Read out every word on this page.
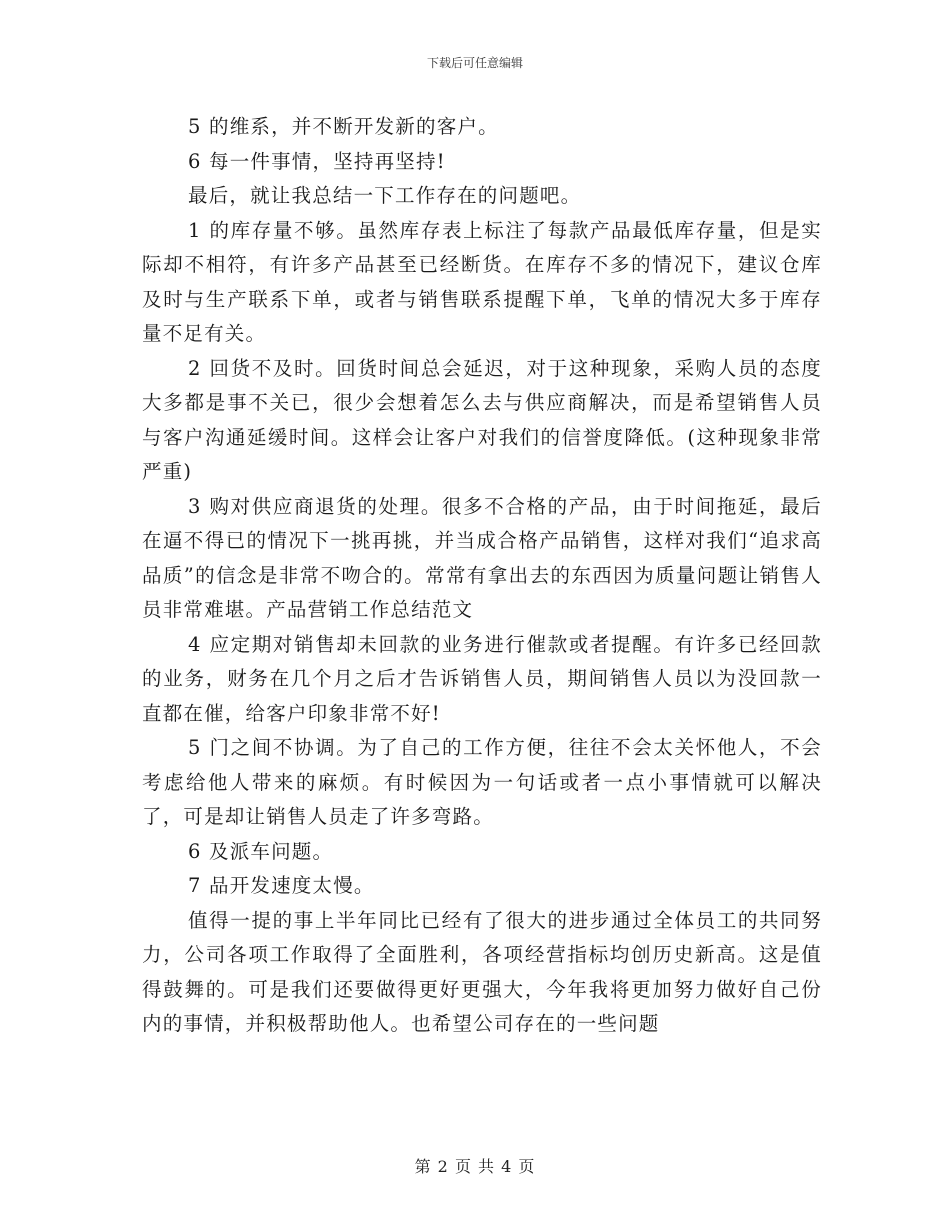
下载后可任意编辑

5 的维系，并不断开发新的客户。

6 每一件事情，坚持再坚持!

最后，就让我总结一下工作存在的问题吧。

1 的库存量不够。虽然库存表上标注了每款产品最低库存量，但是实际却不相符，有许多产品甚至已经断货。在库存不多的情况下，建议仓库及时与生产联系下单，或者与销售联系提醒下单，飞单的情况大多于库存量不足有关。

2 回货不及时。回货时间总会延迟，对于这种现象，采购人员的态度大多都是事不关已，很少会想着怎么去与供应商解决，而是希望销售人员与客户沟通延缓时间。这样会让客户对我们的信誉度降低。(这种现象非常严重)

3 购对供应商退货的处理。很多不合格的产品，由于时间拖延，最后在逼不得已的情况下一挑再挑，并当成合格产品销售，这样对我们“追求高品质”的信念是非常不吻合的。常常有拿出去的东西因为质量问题让销售人员非常难堪。产品营销工作总结范文

4 应定期对销售却未回款的业务进行催款或者提醒。有许多已经回款的业务，财务在几个月之后才告诉销售人员，期间销售人员以为没回款一直都在催，给客户印象非常不好!

5 门之间不协调。为了自己的工作方便，往往不会太关怀他人，不会考虑给他人带来的麻烦。有时候因为一句话或者一点小事情就可以解决了，可是却让销售人员走了许多弯路。

6 及派车问题。

7 品开发速度太慢。

值得一提的事上半年同比已经有了很大的进步通过全体员工的共同努力，公司各项工作取得了全面胜利，各项经营指标均创历史新高。这是值得鼓舞的。可是我们还要做得更好更强大，今年我将更加努力做好自己份内的事情，并积极帮助他人。也希望公司存在的一些问题

第 2 页 共 4 页
